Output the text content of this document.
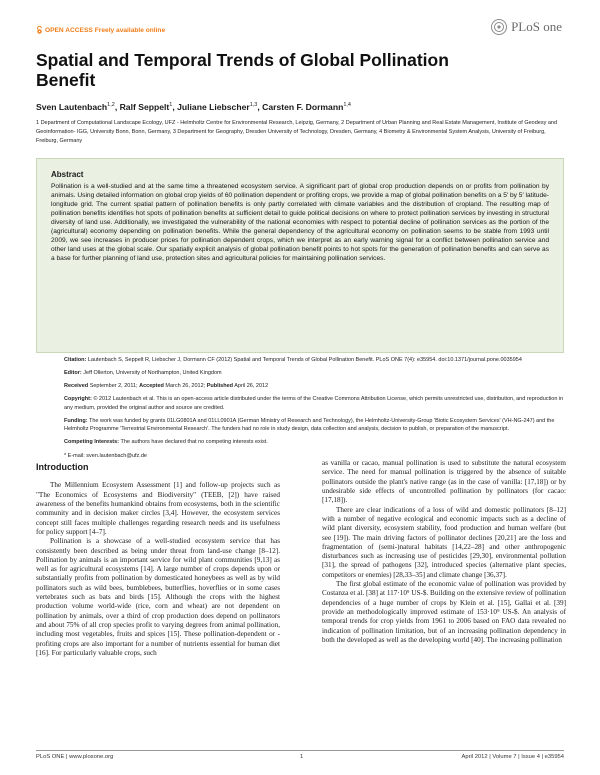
OPEN ACCESS Freely available online	PLoS one
Spatial and Temporal Trends of Global Pollination Benefit
Sven Lautenbach$^{1,2}$, Ralf Seppelt$^1$, Juliane Liebscher$^{1,3}$, Carsten F. Dormann$^{1,4}$

1 Department of Computational Landscape Ecology, UFZ - Helmholtz Centre for Environmental Research, Leipzig, Germany, 2 Department of Urban Planning and Real Estate Management, Institute of Geodesy and Geoinformation- IGG, University Bonn, Bonn, Germany, 3 Department for Geography, Dresden University of Technology, Dresden, Germany, 4 Biometry & Environmental System Analysis, University of Freiburg, Freiburg, Germany

Abstract

Pollination is a well-studied and at the same time a threatened ecosystem service. A significant part of global crop production depends on or profits from pollination by animals. Using detailed information on global crop yields of 60 pollination dependent or profiting crops, we provide a map of global pollination benefits on a 5′ by 5′ latitude-longitude grid. The current spatial pattern of pollination benefits is only partly correlated with climate variables and the distribution of cropland. The resulting map of pollination benefits identifies hot spots of pollination benefits at sufficient detail to guide political decisions on where to protect pollination services by investing in structural diversity of land use. Additionally, we investigated the vulnerability of the national economies with respect to potential decline of pollination services as the portion of the (agricultural) economy depending on pollination benefits. While the general dependency of the agricultural economy on pollination seems to be stable from 1993 until 2009, we see increases in producer prices for pollination dependent crops, which we interpret as an early warning signal for a conflict between pollination service and other land uses at the global scale. Our spatially explicit analysis of global pollination benefit points to hot spots for the generation of pollination benefits and can serve as a base for further planning of land use, protection sites and agricultural policies for maintaining pollination services.

Citation: Lautenbach S, Seppelt R, Liebscher J, Dormann CF (2012) Spatial and Temporal Trends of Global Pollination Benefit. PLoS ONE 7(4): e35954. doi:10.1371/journal.pone.0035954

Editor: Jeff Ollerton, University of Northampton, United Kingdom

Received September 2, 2011; Accepted March 26, 2012; Published April 26, 2012

Copyright: © 2012 Lautenbach et al. This is an open-access article distributed under the terms of the Creative Commons Attribution License, which permits unrestricted use, distribution, and reproduction in any medium, provided the original author and source are credited.

Funding: The work was funded by grants 01LG0801A and 01LL0901A (German Ministry of Research and Technology), the Helmholtz-University-Group 'Biotic Ecosystem Services' (VH-NG-247) and the Helmholtz Programme 'Terrestrial Environmental Research'. The funders had no role in study design, data collection and analysis, decision to publish, or preparation of the manuscript.

Competing Interests: The authors have declared that no competing interests exist.

* E-mail: sven.lautenbach@ufz.de

Introduction

The Millennium Ecosystem Assessment [1] and follow-up projects such as "The Economics of Ecosystems and Biodiversity" (TEEB, [2]) have raised awareness of the benefits humankind obtains from ecosystems, both in the scientific community and in decision maker circles [3,4]. However, the ecosystem services concept still faces multiple challenges regarding research needs and its usefulness for policy support [4–7].

Pollination is a showcase of a well-studied ecosystem service that has consistently been described as being under threat from land-use change [8–12]. Pollination by animals is an important service for wild plant communities [9,13] as well as for agricultural ecosystems [14]. A large number of crops depends upon or substantially profits from pollination by domesticated honeybees as well as by wild pollinators such as wild bees, bumblebees, butterflies, hoverflies or in some cases vertebrates such as bats and birds [15]. Although the crops with the highest production volume world-wide (rice, corn and wheat) are not dependent on pollination by animals, over a third of crop production does depend on pollinators and about 75% of all crop species profit to varying degrees from animal pollination, including most vegetables, fruits and spices [15]. These pollination-dependent or -profiting crops are also important for a number of nutrients essential for human diet [16]. For particularly valuable crops, such

as vanilla or cacao, manual pollination is used to substitute the natural ecosystem service. The need for manual pollination is triggered by the absence of suitable pollinators outside the plant's native range (as in the case of vanilla: [17,18]) or by undesirable side effects of uncontrolled pollination by pollinators (for cacao: [17,18]).

There are clear indications of a loss of wild and domestic pollinators [8–12] with a number of negative ecological and economic impacts such as a decline of wild plant diversity, ecosystem stability, food production and human welfare (but see [19]). The main driving factors of pollinator declines [20,21] are the loss and fragmentation of (semi-)natural habitats [14,22–28] and other anthropogenic disturbances such as increasing use of pesticides [29,30], environmental pollution [31], the spread of pathogens [32], introduced species (alternative plant species, competitors or enemies) [28,33–35] and climate change [36,37].

The first global estimate of the economic value of pollination was provided by Costanza et al. [38] at 117·10⁹ US-$. Building on the extensive review of pollination dependencies of a huge number of crops by Klein et al. [15], Gallai et al. [39] provide an methodologically improved estimate of 153·10⁹ US-$. An analysis of temporal trends for crop yields from 1961 to 2006 based on FAO data revealed no indication of pollination limitation, but of an increasing pollination dependency in both the developed as well as the developing world [40]. The increasing pollination

PLoS ONE | www.plosone.org	1	April 2012 | Volume 7 | Issue 4 | e35954
